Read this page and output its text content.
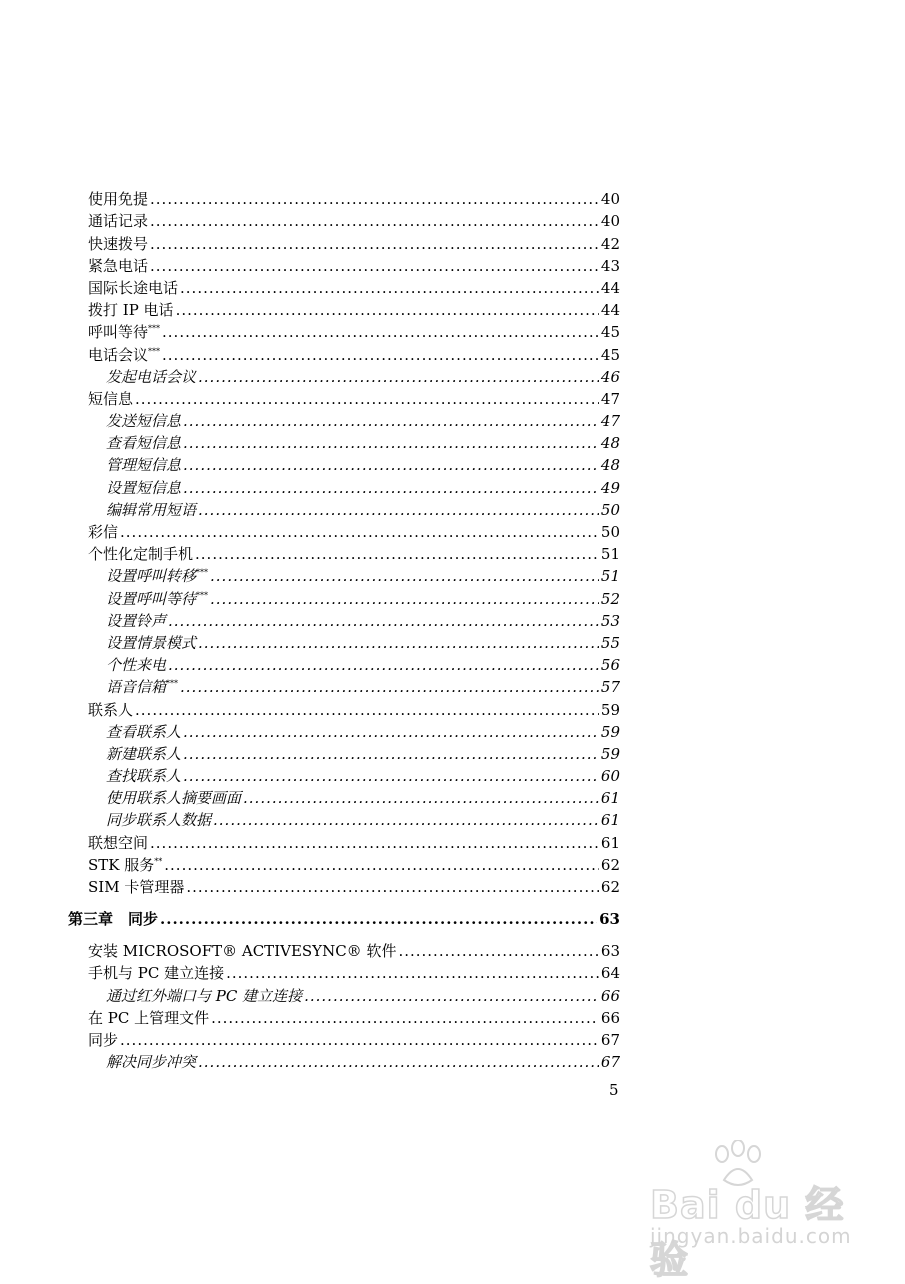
使用免提 .....	40
通话记录 .....	40
快速拨号 .....	42
紧急电话 .....	43
国际长途电话 .....	44
拨打 IP 电话 .....	44
呼叫等待*** .....	45
电话会议*** .....	45
发起电话会议 .....	46
短信息 .....	47
发送短信息 .....	47
查看短信息 .....	48
管理短信息 .....	48
设置短信息 .....	49
编辑常用短语 .....	50
彩信 .....	50
个性化定制手机 .....	51
设置呼叫转移*** .....	51
设置呼叫等待*** .....	52
设置铃声 .....	53
设置情景模式 .....	55
个性来电 .....	56
语音信箱*** .....	57
联系人 .....	59
查看联系人 .....	59
新建联系人 .....	59
查找联系人 .....	60
使用联系人摘要画面 .....	61
同步联系人数据 .....	61
联想空间 .....	61
STK 服务** .....	62
SIM 卡管理器 .....	62
第三章　同步 .....	63
安装 MICROSOFT® ACTIVESYNC® 软件 .....	63
手机与 PC 建立连接 .....	64
通过红外端口与 PC 建立连接 .....	66
在 PC 上管理文件 .....	66
同步 .....	67
解决同步冲突 .....	67
5
Bai du 经验
jingyan.baidu.com
